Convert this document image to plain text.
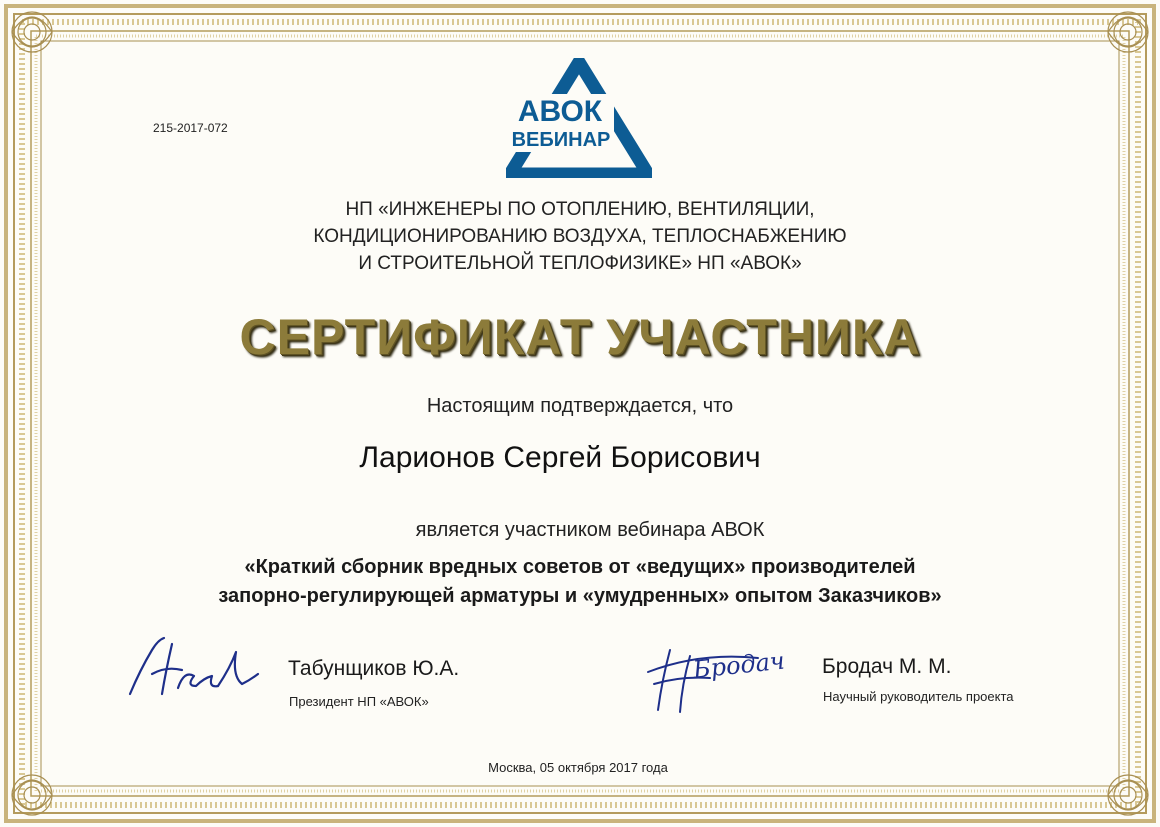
215-2017-072	АВОК
ВЕБИНАР
НП «ИНЖЕНЕРЫ ПО ОТОПЛЕНИЮ, ВЕНТИЛЯЦИИ,
КОНДИЦИОНИРОВАНИЮ ВОЗДУХА, ТЕПЛОСНАБЖЕНИЮ
И СТРОИТЕЛЬНОЙ ТЕПЛОФИЗИКЕ» НП «АВОК»
СЕРТИФИКАТ УЧАСТНИКА
Настоящим подтверждается, что
Ларионов Сергей Борисович
является участником вебинара АВОК
«Краткий сборник вредных советов от «ведущих» производителей
запорно-регулирующей арматуры и «умудренных» опытом Заказчиков»
Табунщиков Ю.А.
Президент НП «АВОК»
Бродач Бродач М. М.
Научный руководитель проекта
Москва, 05 октября 2017 года
